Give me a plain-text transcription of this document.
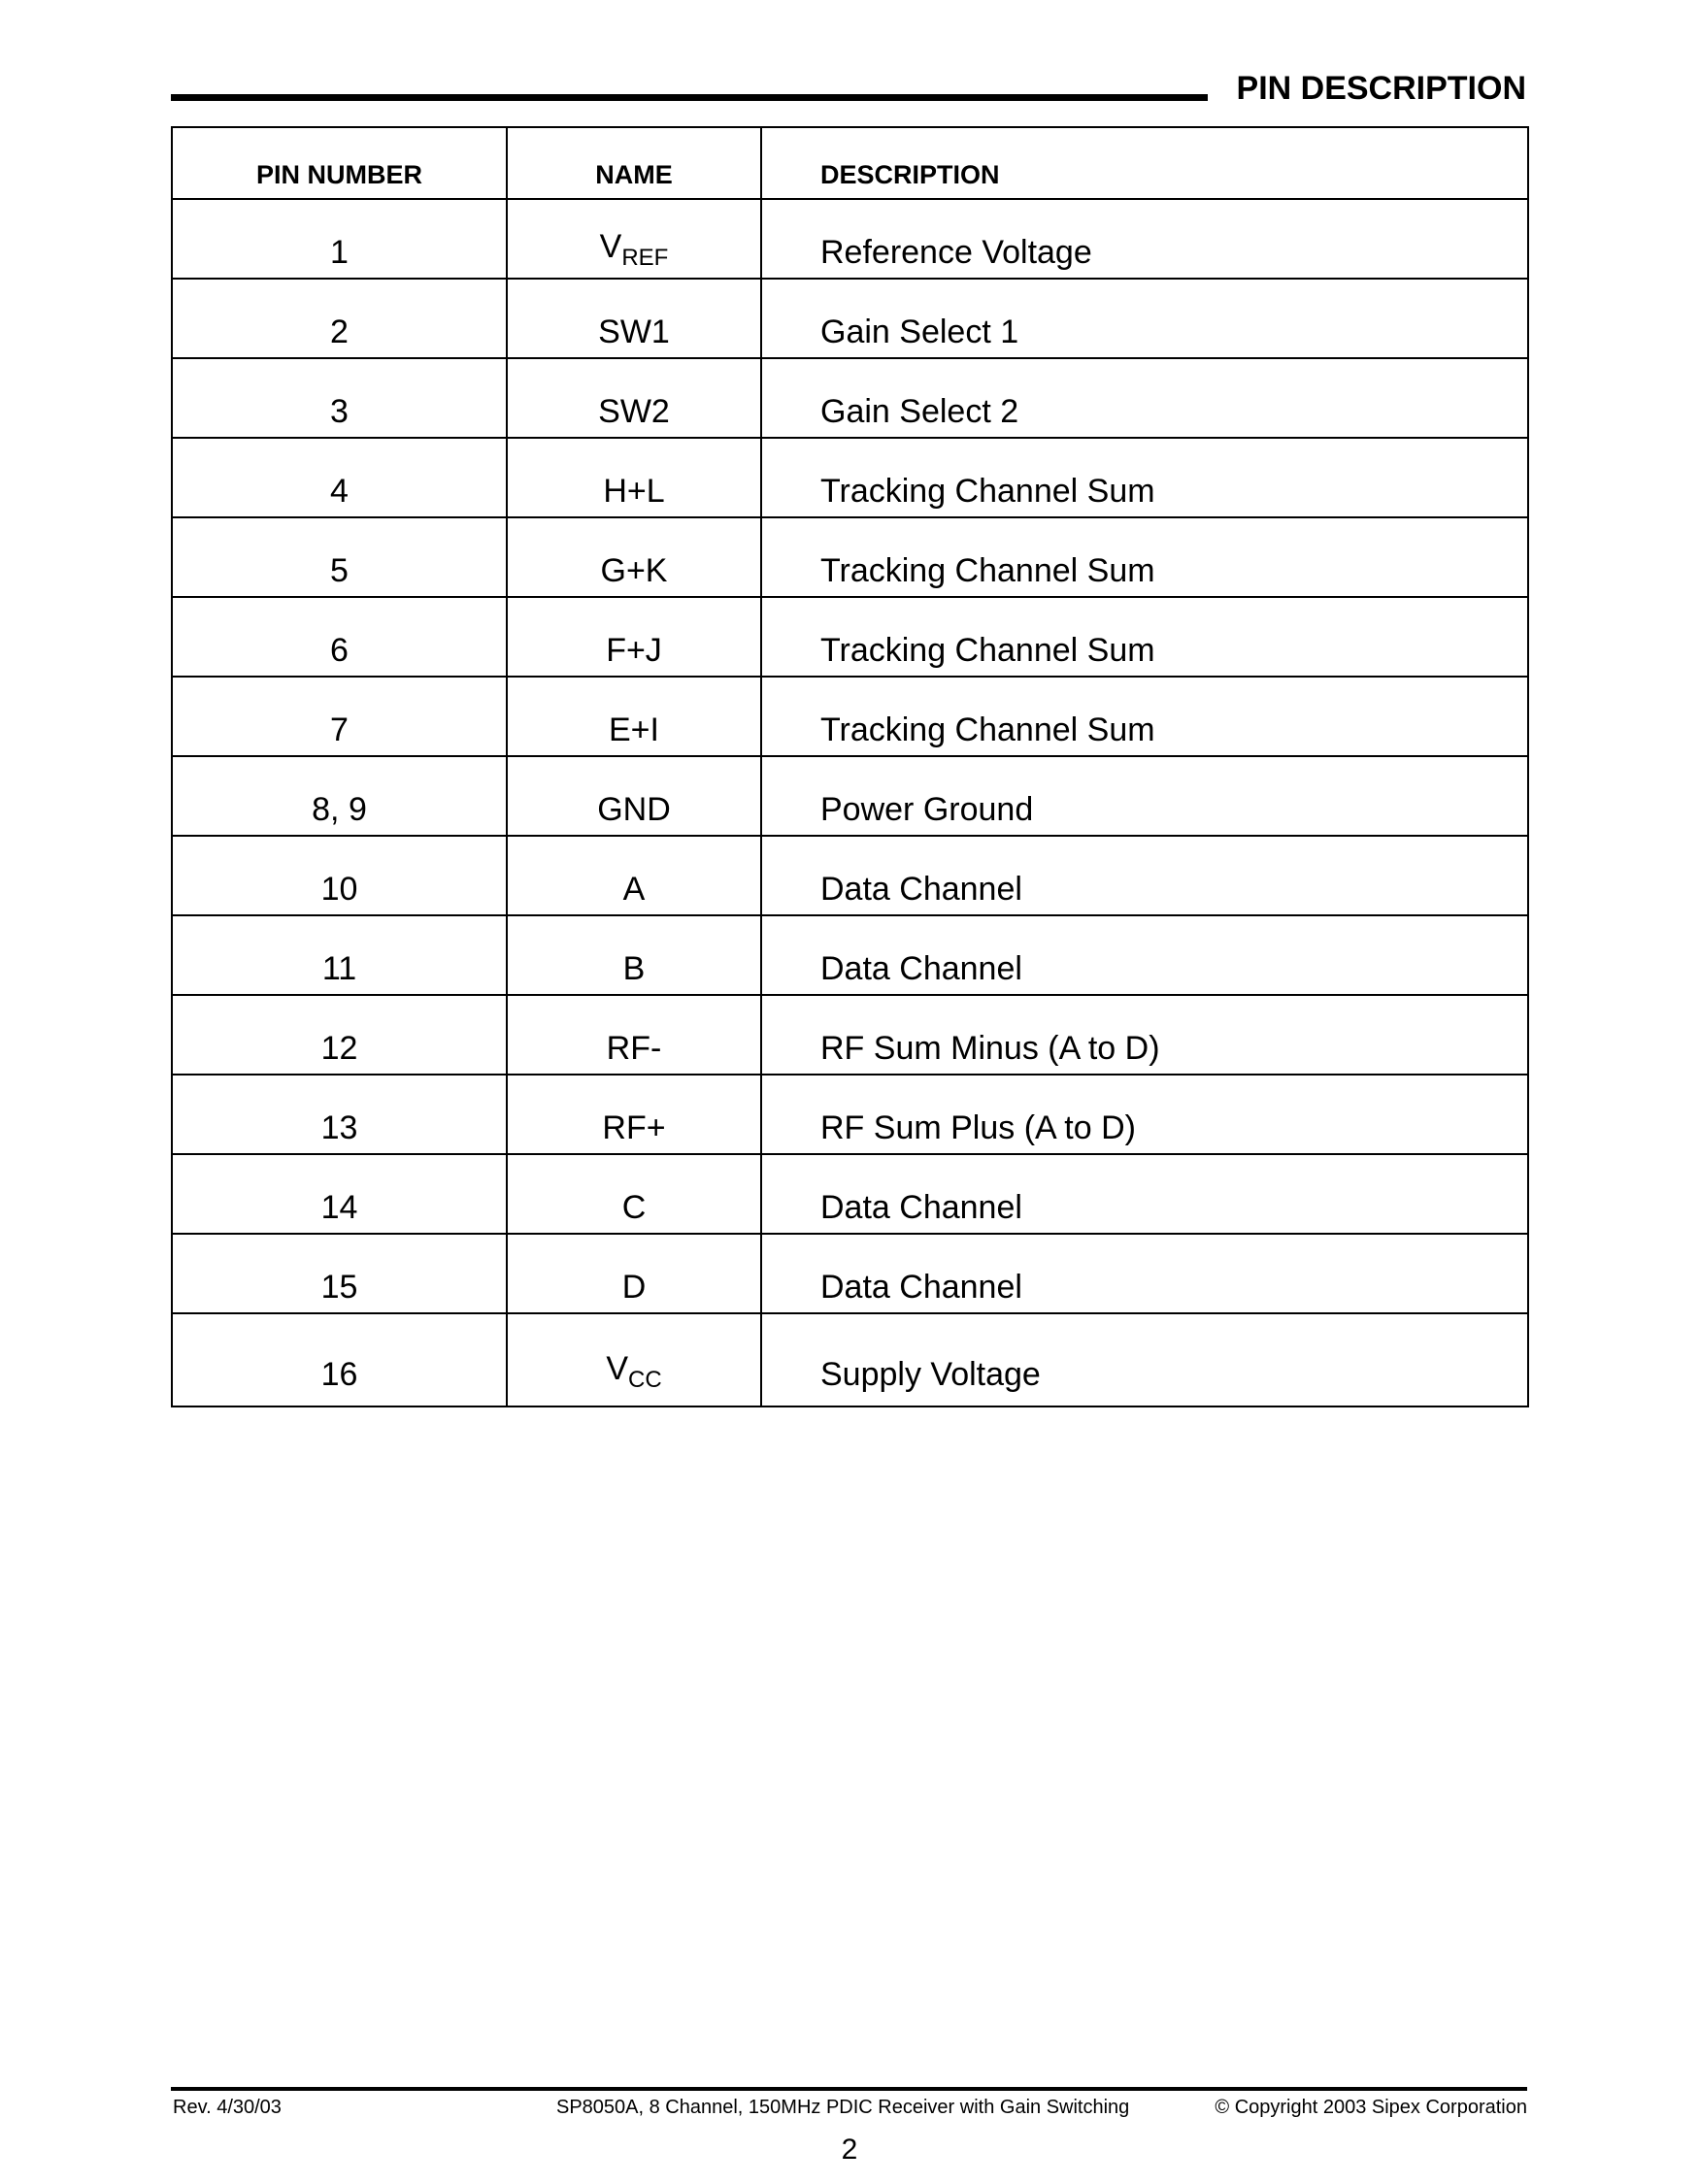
PIN DESCRIPTION
PIN NUMBER	NAME	DESCRIPTION
1	$V_{REF}$	Reference Voltage
2	SW1	Gain Select 1
3	SW2	Gain Select 2
4	H+L	Tracking Channel Sum
5	G+K	Tracking Channel Sum
6	F+J	Tracking Channel Sum
7	E+I	Tracking Channel Sum
8, 9	GND	Power Ground
10	A	Data Channel
11	B	Data Channel
12	RF-	RF Sum Minus (A to D)
13	RF+	RF Sum Plus (A to D)
14	C	Data Channel
15	D	Data Channel
16	$V_{CC}$	Supply Voltage
Rev. 4/30/03	SP8050A, 8 Channel, 150MHz PDIC Receiver with Gain Switching	© Copyright 2003 Sipex Corporation
2
